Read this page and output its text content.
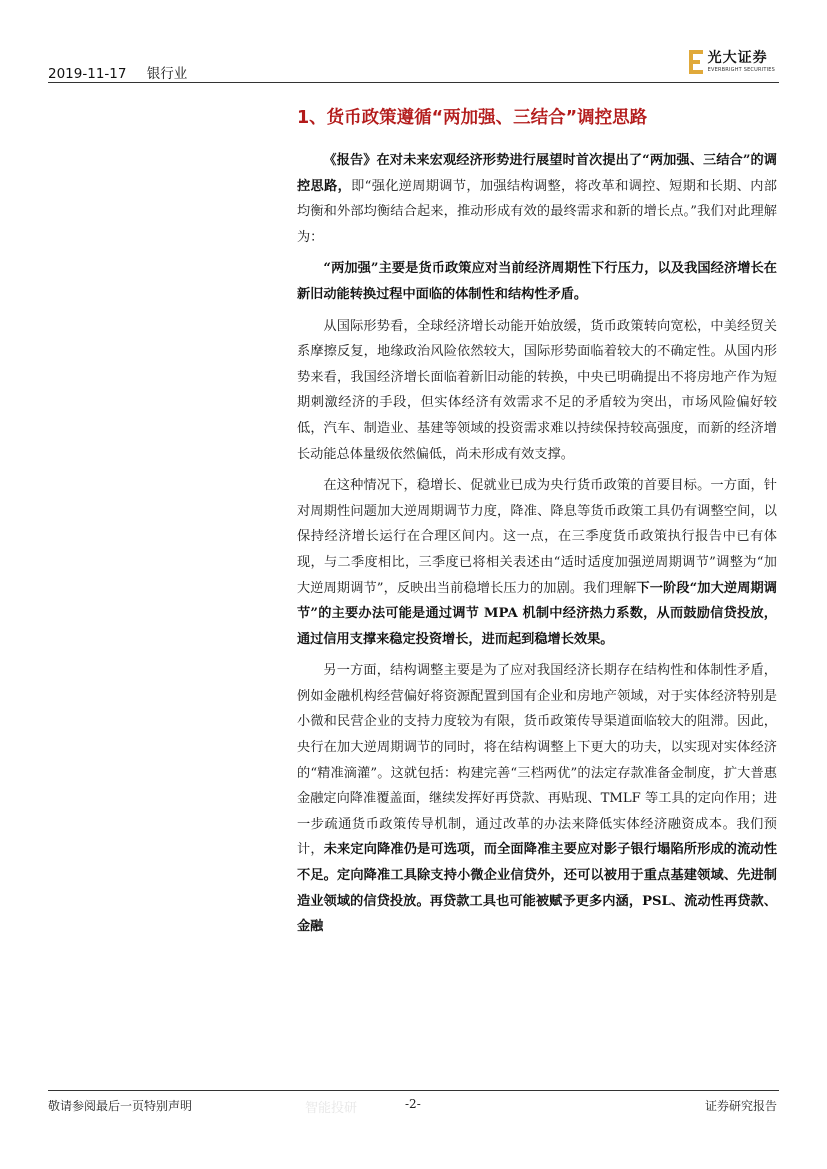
2019-11-17 银行业
光大证券
EVERBRIGHT SECURITIES
1、货币政策遵循“两加强、三结合”调控思路

《报告》在对未来宏观经济形势进行展望时首次提出了“两加强、三结合”的调控思路，即“强化逆周期调节，加强结构调整，将改革和调控、短期和长期、内部均衡和外部均衡结合起来，推动形成有效的最终需求和新的增长点。”我们对此理解为：

“两加强”主要是货币政策应对当前经济周期性下行压力，以及我国经济增长在新旧动能转换过程中面临的体制性和结构性矛盾。

从国际形势看，全球经济增长动能开始放缓，货币政策转向宽松，中美经贸关系摩擦反复，地缘政治风险依然较大，国际形势面临着较大的不确定性。从国内形势来看，我国经济增长面临着新旧动能的转换，中央已明确提出不将房地产作为短期刺激经济的手段，但实体经济有效需求不足的矛盾较为突出，市场风险偏好较低，汽车、制造业、基建等领域的投资需求难以持续保持较高强度，而新的经济增长动能总体量级依然偏低，尚未形成有效支撑。

在这种情况下，稳增长、促就业已成为央行货币政策的首要目标。一方面，针对周期性问题加大逆周期调节力度，降准、降息等货币政策工具仍有调整空间，以保持经济增长运行在合理区间内。这一点，在三季度货币政策执行报告中已有体现，与二季度相比，三季度已将相关表述由“适时适度加强逆周期调节”调整为“加大逆周期调节”，反映出当前稳增长压力的加剧。我们理解下一阶段“加大逆周期调节”的主要办法可能是通过调节 MPA 机制中经济热力系数，从而鼓励信贷投放，通过信用支撑来稳定投资增长，进而起到稳增长效果。

另一方面，结构调整主要是为了应对我国经济长期存在结构性和体制性矛盾，例如金融机构经营偏好将资源配置到国有企业和房地产领域，对于实体经济特别是小微和民营企业的支持力度较为有限，货币政策传导渠道面临较大的阻滞。因此，央行在加大逆周期调节的同时，将在结构调整上下更大的功夫，以实现对实体经济的“精准滴灌”。这就包括：构建完善“三档两优”的法定存款准备金制度，扩大普惠金融定向降准覆盖面，继续发挥好再贷款、再贴现、TMLF 等工具的定向作用；进一步疏通货币政策传导机制，通过改革的办法来降低实体经济融资成本。我们预计，未来定向降准仍是可选项，而全面降准主要应对影子银行塌陷所形成的流动性不足。定向降准工具除支持小微企业信贷外，还可以被用于重点基建领域、先进制造业领域的信贷投放。再贷款工具也可能被赋予更多内涵，PSL、流动性再贷款、金融

敬请参阅最后一页特别声明	智能投研	-2-	证券研究报告
